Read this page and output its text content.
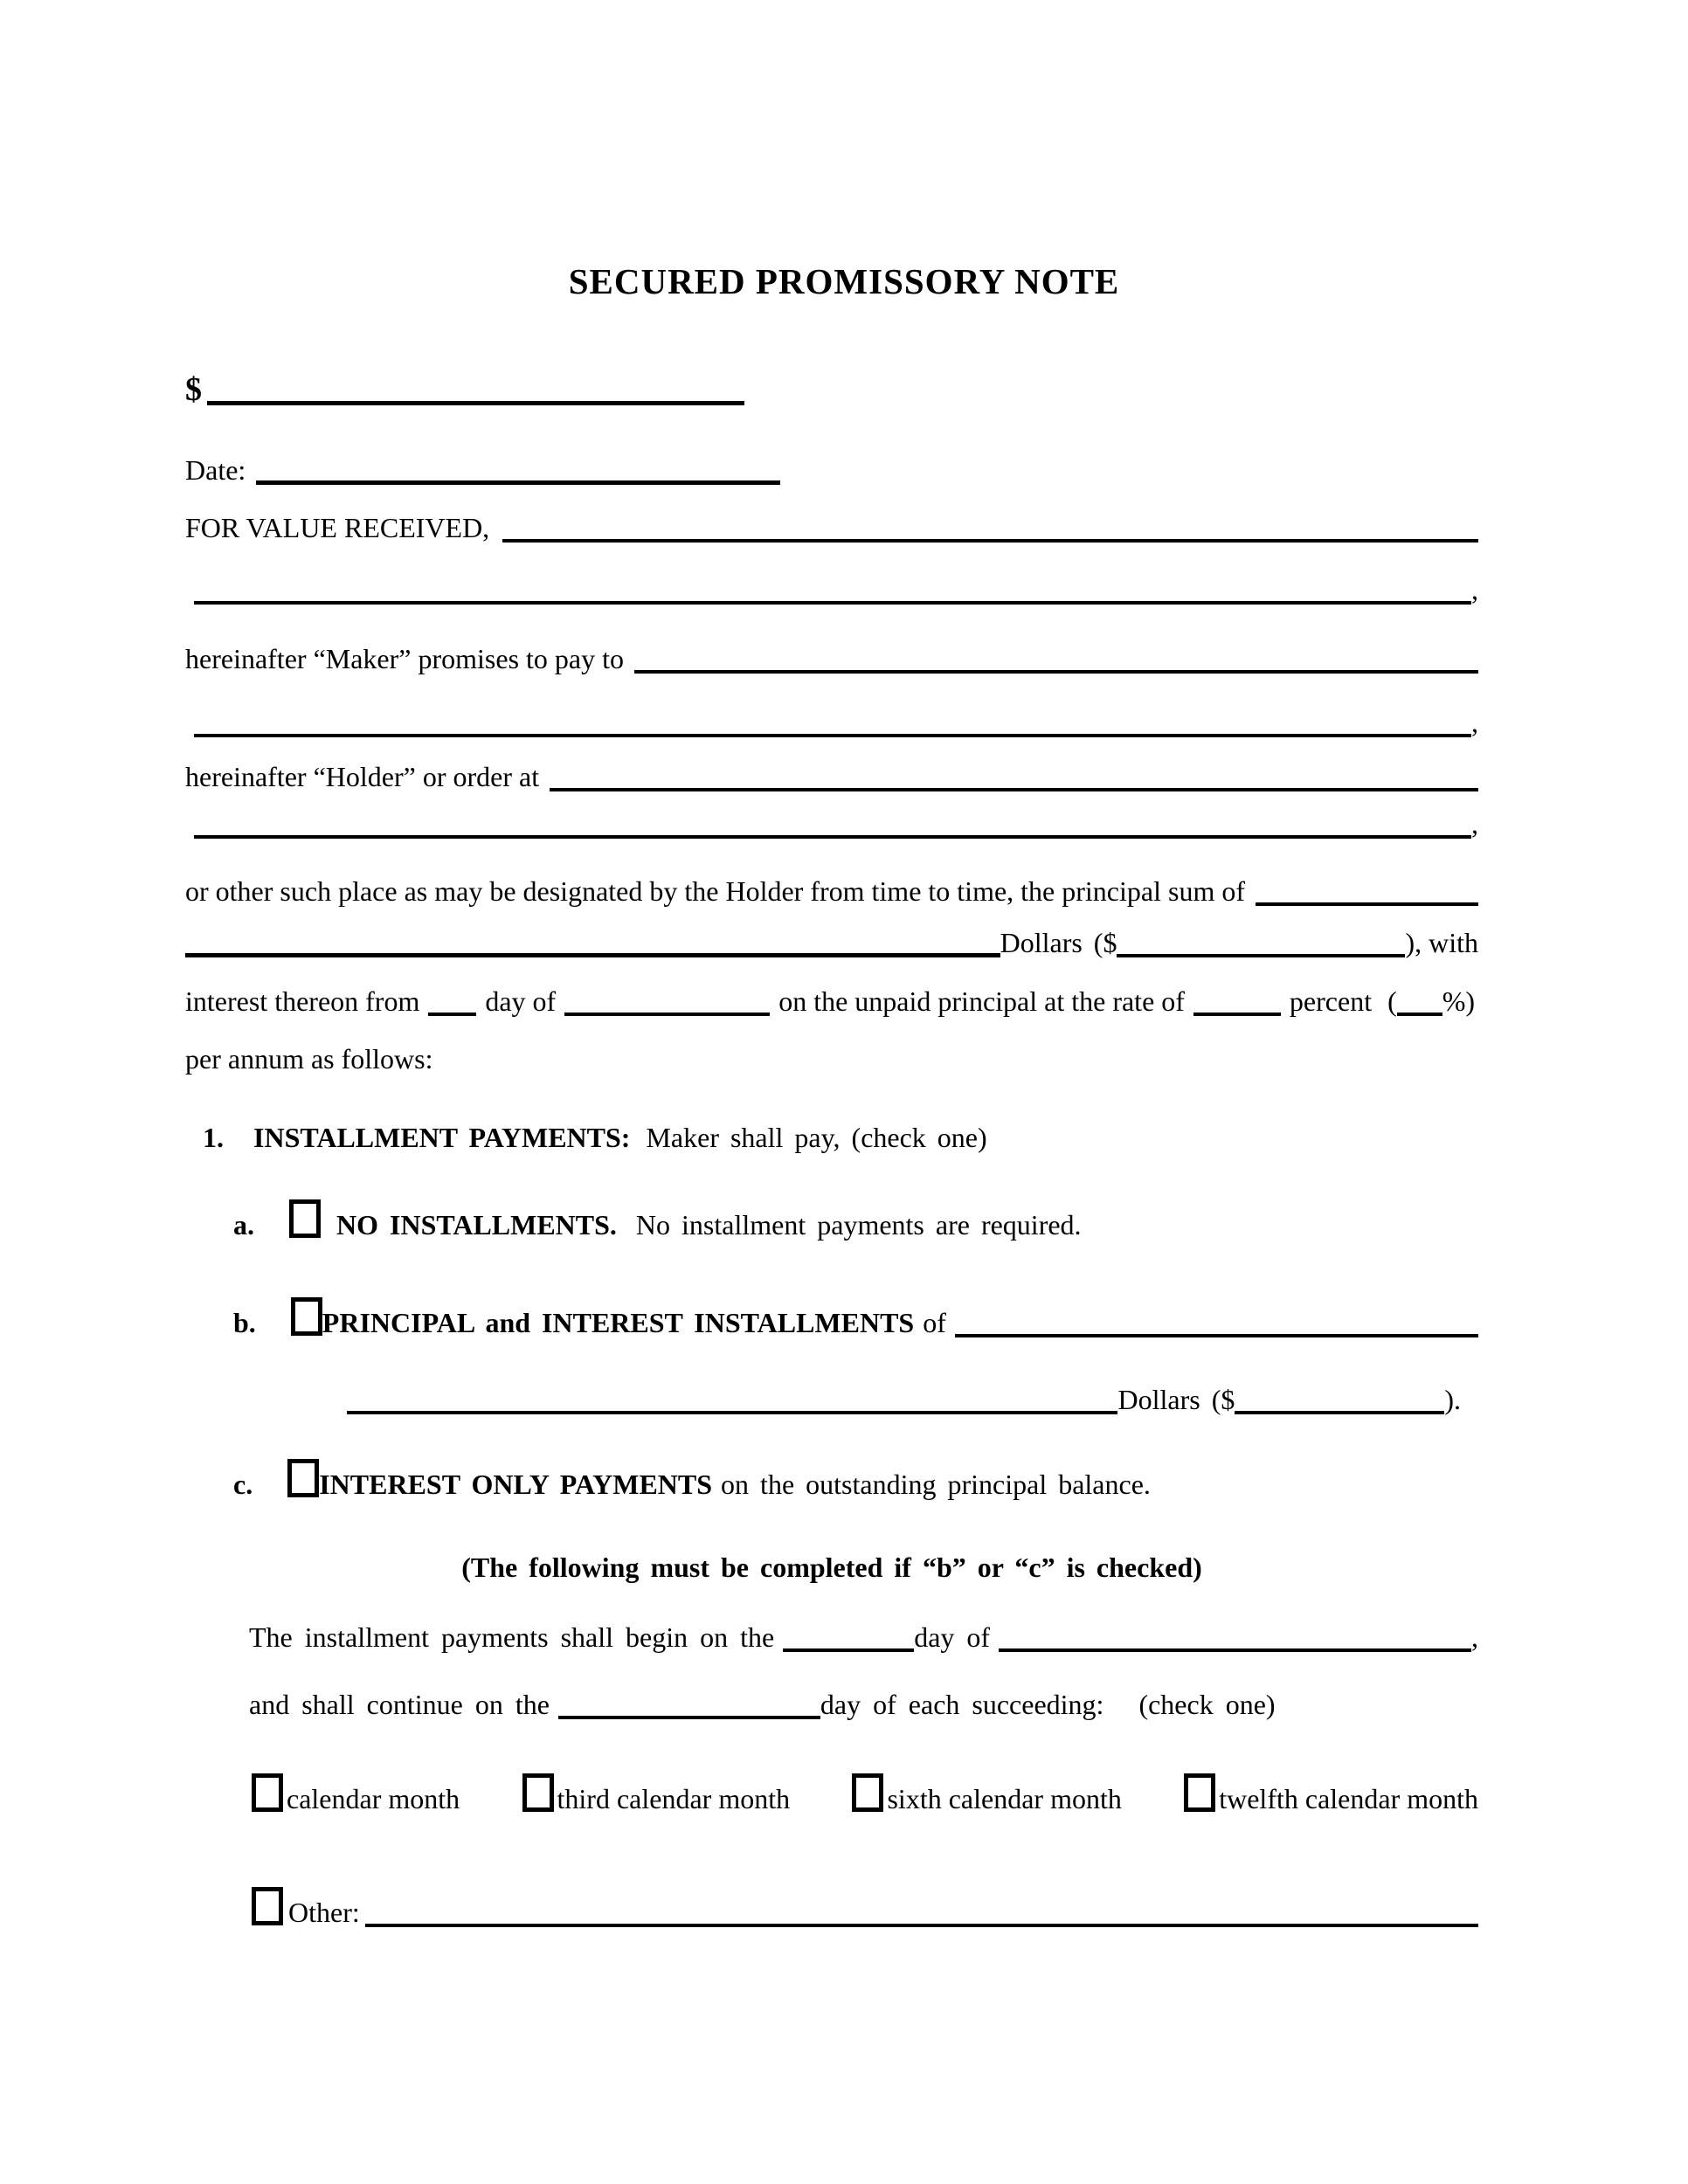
SECURED PROMISSORY NOTE
$
Date:
FOR VALUE RECEIVED,
,
hereinafter “Maker” promises to pay to
,
hereinafter “Holder” or order at
,
or other such place as may be designated by the Holder from time to time, the principal sum of
Dollars ($	), with
interest thereon from day of	on the unpaid principal at the rate of	percent ( %)
per annum as follows:
1. INSTALLMENT PAYMENTS: Maker shall pay, (check one)
a.	NO INSTALLMENTS. No installment payments are required.
b. PRINCIPAL and INTEREST INSTALLMENTS of
Dollars ($	).
c. INTEREST ONLY PAYMENTS on the outstanding principal balance.
(The following must be completed if “b” or “c” is checked)
The installment payments shall begin on the	day of	,
and shall continue on the	day of each succeeding: (check one)
calendar month	third calendar month	sixth calendar month	twelfth calendar month
Other:
